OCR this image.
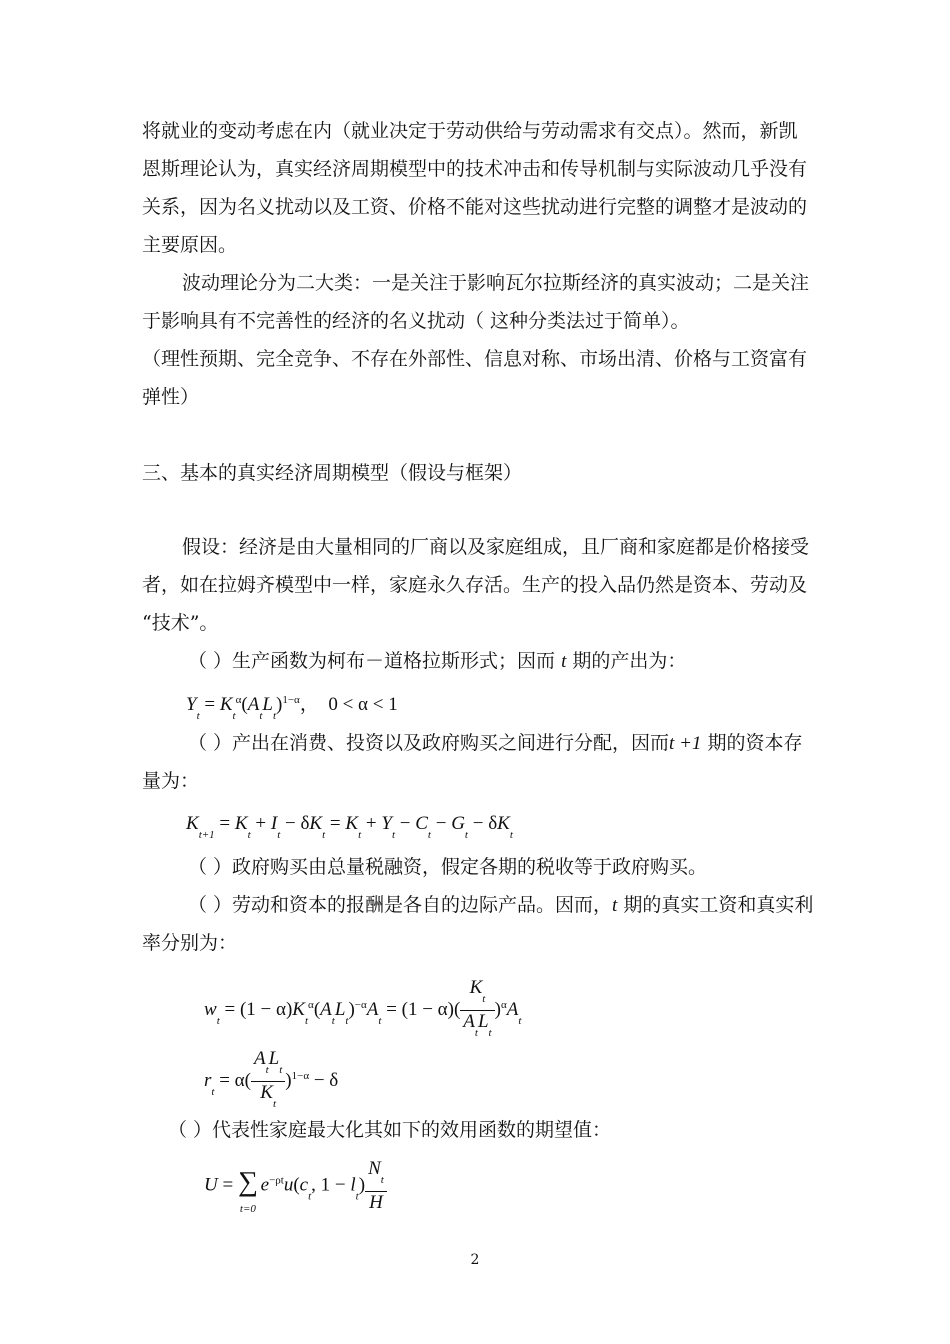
将就业的变动考虑在内（就业决定于劳动供给与劳动需求有交点）。然而，新凯
恩斯理论认为，真实经济周期模型中的技术冲击和传导机制与实际波动几乎没有
关系，因为名义扰动以及工资、价格不能对这些扰动进行完整的调整才是波动的
主要原因。
波动理论分为二大类：一是关注于影响瓦尔拉斯经济的真实波动；二是关注
于影响具有不完善性的经济的名义扰动（ 这种分类法过于简单）。
（理性预期、完全竞争、不存在外部性、信息对称、市场出清、价格与工资富有
弹性）
三、基本的真实经济周期模型（假设与框架）
假设：经济是由大量相同的厂商以及家庭组成，且厂商和家庭都是价格接受
者，如在拉姆齐模型中一样，家庭永久存活。生产的投入品仍然是资本、劳动及
“技术”。
（ ）生产函数为柯布－道格拉斯形式；因而 t 期的产出为：
$Y_t = K_t^\alpha(A_tL_t)^{1-\alpha}$，  0 < α < 1
（ ）产出在消费、投资以及政府购买之间进行分配，因而t +1 期的资本存
量为：
$K_{t+1} = K_t + I_t - \delta K_t = K_t + Y_t - C_t - G_t - \delta K_t$
（ ）政府购买由总量税融资，假定各期的税收等于政府购买。
（ ）劳动和资本的报酬是各自的边际产品。因而，t 期的真实工资和真实利
率分别为：
$w_t = (1 - \alpha)K_t^\alpha(A_tL_t)^{-\alpha}A_t = (1 - \alpha)( \frac{K_t}{A_tL_t} )^\alpha A_t$
$r_t = \alpha( \frac{A_tL_t}{K_t} )^{1-\alpha} - \delta$
（ ）代表性家庭最大化其如下的效用函数的期望值：
$U = \sum_{t=0}$ $e^{-\rho t}u(c_t$, $1 - l_t) \frac{N_t}{H}$
2
